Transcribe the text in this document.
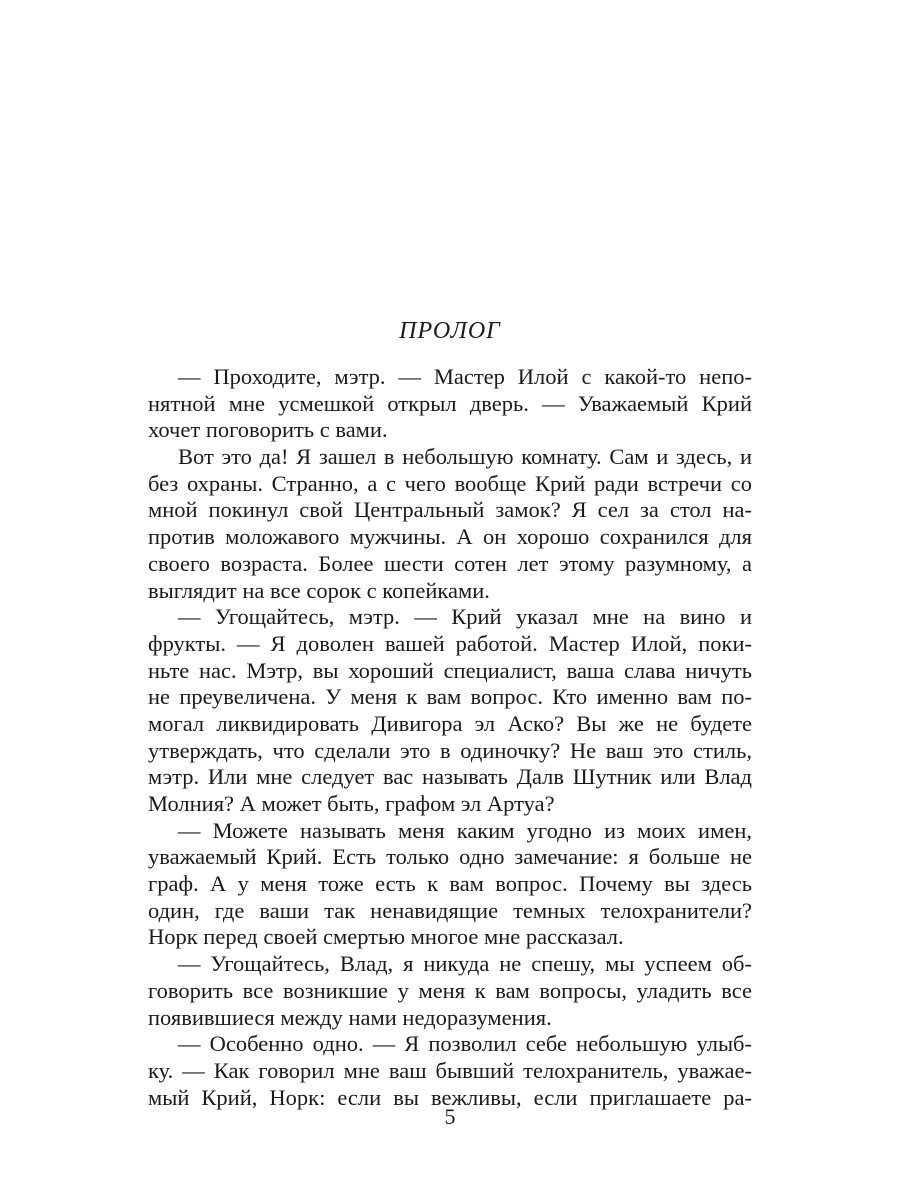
ПРОЛОГ
— Проходите, мэтр. — Мастер Илой с какой-то непо-
нятной мне усмешкой открыл дверь. — Уважаемый Крий
хочет поговорить с вами.
Вот это да! Я зашел в небольшую комнату. Сам и здесь, и
без охраны. Странно, а с чего вообще Крий ради встречи со
мной покинул свой Центральный замок? Я сел за стол на-
против моложавого мужчины. А он хорошо сохранился для
своего возраста. Более шести сотен лет этому разумному, а
выглядит на все сорок с копейками.
— Угощайтесь, мэтр. — Крий указал мне на вино и
фрукты. — Я доволен вашей работой. Мастер Илой, поки-
ньте нас. Мэтр, вы хороший специалист, ваша слава ничуть
не преувеличена. У меня к вам вопрос. Кто именно вам по-
могал ликвидировать Дивигора эл Аско? Вы же не будете
утверждать, что сделали это в одиночку? Не ваш это стиль,
мэтр. Или мне следует вас называть Далв Шутник или Влад
Молния? А может быть, графом эл Артуа?
— Можете называть меня каким угодно из моих имен,
уважаемый Крий. Есть только одно замечание: я больше не
граф. А у меня тоже есть к вам вопрос. Почему вы здесь
один, где ваши так ненавидящие темных телохранители?
Норк перед своей смертью многое мне рассказал.
— Угощайтесь, Влад, я никуда не спешу, мы успеем об-
говорить все возникшие у меня к вам вопросы, уладить все
появившиеся между нами недоразумения.
— Особенно одно. — Я позволил себе небольшую улыб-
ку. — Как говорил мне ваш бывший телохранитель, уважае-
мый Крий, Норк: если вы вежливы, если приглашаете ра-
5
